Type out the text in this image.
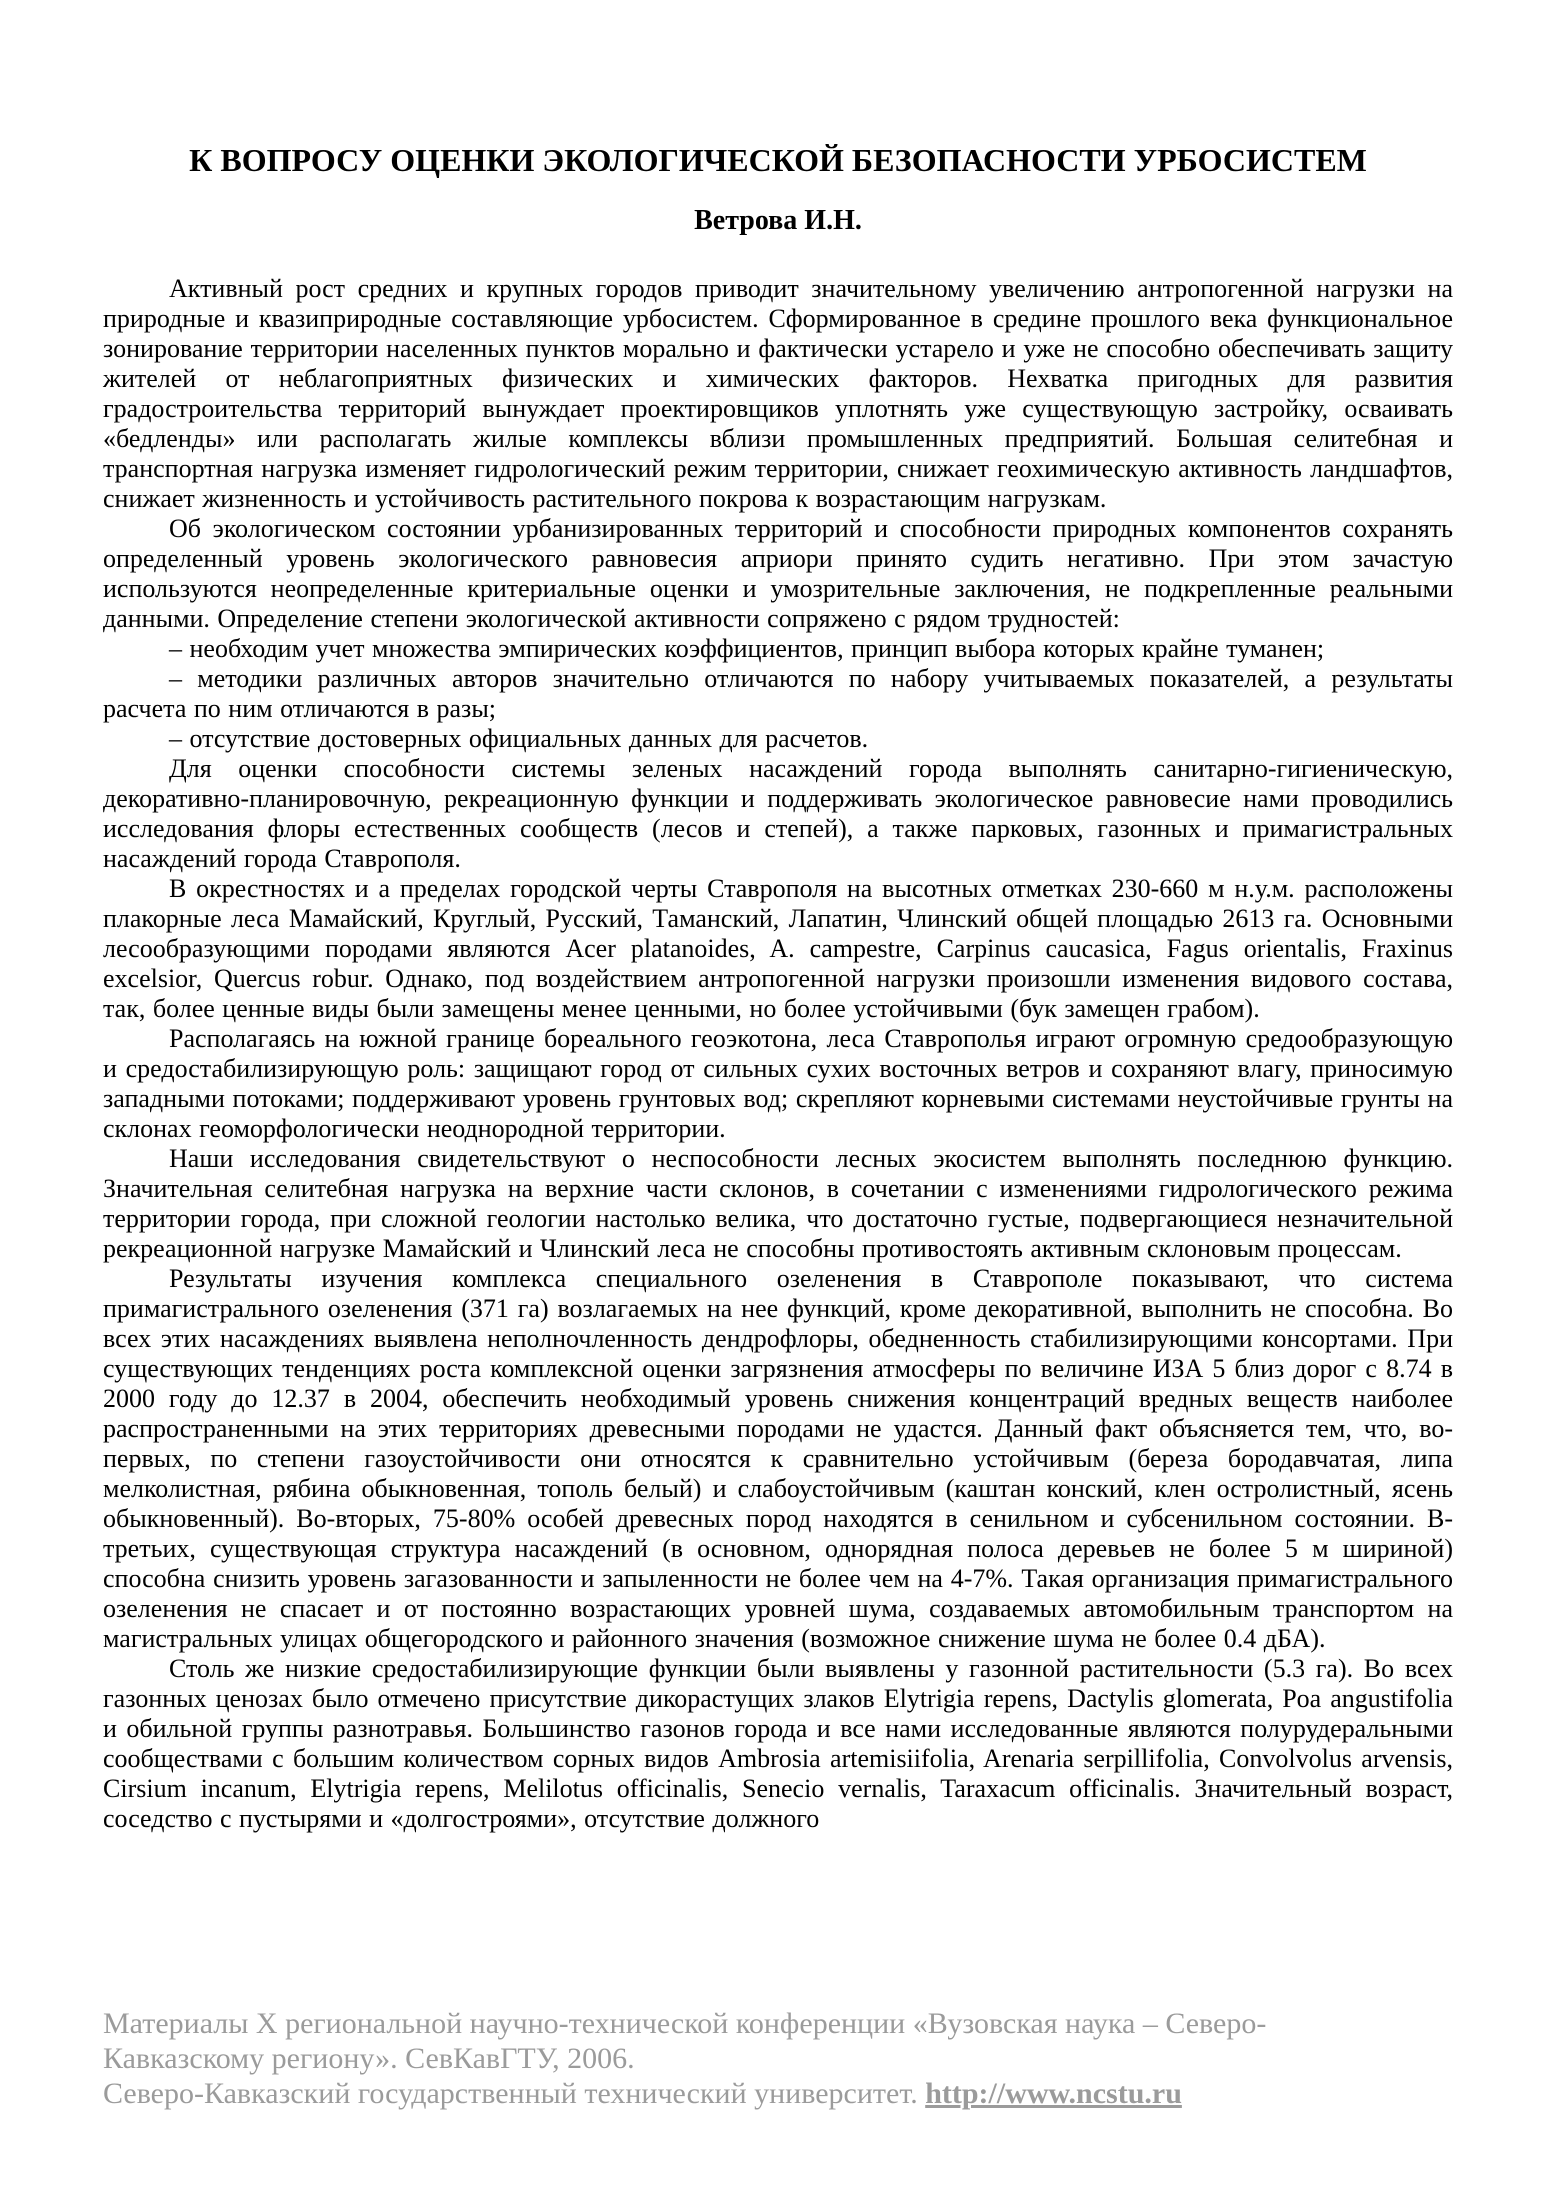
К ВОПРОСУ ОЦЕНКИ ЭКОЛОГИЧЕСКОЙ БЕЗОПАСНОСТИ УРБОСИСТЕМ
Ветрова И.Н.

Активный рост средних и крупных городов приводит значительному увеличению антропогенной нагрузки на природные и квазиприродные составляющие урбосистем. Сформированное в средине прошлого века функциональное зонирование территории населенных пунктов морально и фактически устарело и уже не способно обеспечивать защиту жителей от неблагоприятных физических и химических факторов. Нехватка пригодных для развития градостроительства территорий вынуждает проектировщиков уплотнять уже существующую застройку, осваивать «бедленды» или располагать жилые комплексы вблизи промышленных предприятий. Большая селитебная и транспортная нагрузка изменяет гидрологический режим территории, снижает геохимическую активность ландшафтов, снижает жизненность и устойчивость растительного покрова к возрастающим нагрузкам.

Об экологическом состоянии урбанизированных территорий и способности природных компонентов сохранять определенный уровень экологического равновесия априори принято судить негативно. При этом зачастую используются неопределенные критериальные оценки и умозрительные заключения, не подкрепленные реальными данными. Определение степени экологической активности сопряжено с рядом трудностей:

– необходим учет множества эмпирических коэффициентов, принцип выбора которых крайне туманен;

– методики различных авторов значительно отличаются по набору учитываемых показателей, а результаты расчета по ним отличаются в разы;

– отсутствие достоверных официальных данных для расчетов.

Для оценки способности системы зеленых насаждений города выполнять санитарно-гигиеническую, декоративно-планировочную, рекреационную функции и поддерживать экологическое равновесие нами проводились исследования флоры естественных сообществ (лесов и степей), а также парковых, газонных и примагистральных насаждений города Ставрополя.

В окрестностях и а пределах городской черты Ставрополя на высотных отметках 230-660 м н.у.м. расположены плакорные леса Мамайский, Круглый, Русский, Таманский, Лапатин, Члинский общей площадью 2613 га. Основными лесообразующими породами являются Acer platanoides, A. campestre, Carpinus caucasica, Fagus orientalis, Fraxinus excelsior, Quercus robur. Однако, под воздействием антропогенной нагрузки произошли изменения видового состава, так, более ценные виды были замещены менее ценными, но более устойчивыми (бук замещен грабом).

Располагаясь на южной границе бореального геоэкотона, леса Ставрополья играют огромную средообразующую и средостабилизирующую роль: защищают город от сильных сухих восточных ветров и сохраняют влагу, приносимую западными потоками; поддерживают уровень грунтовых вод; скрепляют корневыми системами неустойчивые грунты на склонах геоморфологически неоднородной территории.

Наши исследования свидетельствуют о неспособности лесных экосистем выполнять последнюю функцию. Значительная селитебная нагрузка на верхние части склонов, в сочетании с изменениями гидрологического режима территории города, при сложной геологии настолько велика, что достаточно густые, подвергающиеся незначительной рекреационной нагрузке Мамайский и Члинский леса не способны противостоять активным склоновым процессам.

Результаты изучения комплекса специального озеленения в Ставрополе показывают, что система примагистрального озеленения (371 га) возлагаемых на нее функций, кроме декоративной, выполнить не способна. Во всех этих насаждениях выявлена неполночленность дендрофлоры, обедненность стабилизирующими консортами. При существующих тенденциях роста комплексной оценки загрязнения атмосферы по величине ИЗА 5 близ дорог с 8.74 в 2000 году до 12.37 в 2004, обеспечить необходимый уровень снижения концентраций вредных веществ наиболее распространенными на этих территориях древесными породами не удастся. Данный факт объясняется тем, что, во-первых, по степени газоустойчивости они относятся к сравнительно устойчивым (береза бородавчатая, липа мелколистная, рябина обыкновенная, тополь белый) и слабоустойчивым (каштан конский, клен остролистный, ясень обыкновенный). Во-вторых, 75-80% особей древесных пород находятся в сенильном и субсенильном состоянии. В-третьих, существующая структура насаждений (в основном, однорядная полоса деревьев не более 5 м шириной) способна снизить уровень загазованности и запыленности не более чем на 4-7%. Такая организация примагистрального озеленения не спасает и от постоянно возрастающих уровней шума, создаваемых автомобильным транспортом на магистральных улицах общегородского и районного значения (возможное снижение шума не более 0.4 дБА).

Столь же низкие средостабилизирующие функции были выявлены у газонной растительности (5.3 га). Во всех газонных ценозах было отмечено присутствие дикорастущих злаков Elytrigia repens, Dactylis glomerata, Poa angustifolia и обильной группы разнотравья. Большинство газонов города и все нами исследованные являются полурудеральными сообществами с большим количеством сорных видов Ambrosia artemisiifolia, Arenaria serpillifolia, Convolvolus arvensis, Cirsium incanum, Elytrigia repens, Melilotus officinalis, Senecio vernalis, Taraxacum officinalis. Значительный возраст, соседство с пустырями и «долгостроями», отсутствие должного

Материалы X региональной научно-технической конференции «Вузовская наука – Северо-
Кавказскому региону». СевКавГТУ, 2006.
Северо-Кавказский государственный технический университет. http://www.ncstu.ru
